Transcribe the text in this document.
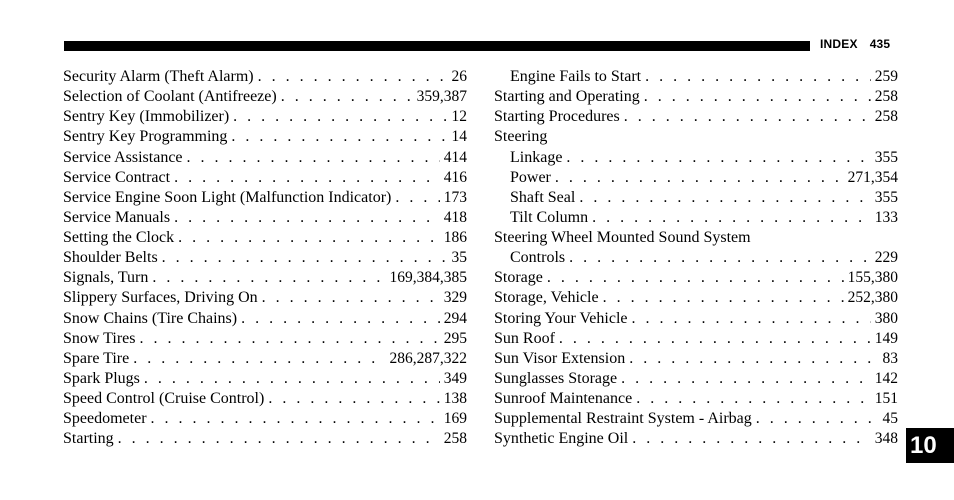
INDEX 435
Security Alarm (Theft Alarm) . . .	26
Selection of Coolant (Antifreeze) . . .	359,387
Sentry Key (Immobilizer) . . .	12
Sentry Key Programming . . .	14
Service Assistance . . .	414
Service Contract . . .	416
Service Engine Soon Light (Malfunction Indicator) . . .	173
Service Manuals . . .	418
Setting the Clock . . .	186
Shoulder Belts . . .	35
Signals, Turn . . .	169,384,385
Slippery Surfaces, Driving On . . .	329
Snow Chains (Tire Chains) . . .	294
Snow Tires . . .	295
Spare Tire . . .	286,287,322
Spark Plugs . . .	349
Speed Control (Cruise Control) . . .	138
Speedometer . . .	169
Starting . . .	258
Engine Fails to Start . . .	259
Starting and Operating . . .	258
Starting Procedures . . .	258
Steering
Linkage . . .	355
Power . . .	271,354
Shaft Seal . . .	355
Tilt Column . . .	133
Steering Wheel Mounted Sound System
Controls . . .	229
Storage . . .	155,380
Storage, Vehicle . . .	252,380
Storing Your Vehicle . . .	380
Sun Roof . . .	149
Sun Visor Extension . . .	83
Sunglasses Storage . . .	142
Sunroof Maintenance . . .	151
Supplemental Restraint System - Airbag . . .	45
Synthetic Engine Oil . . .	348 10
